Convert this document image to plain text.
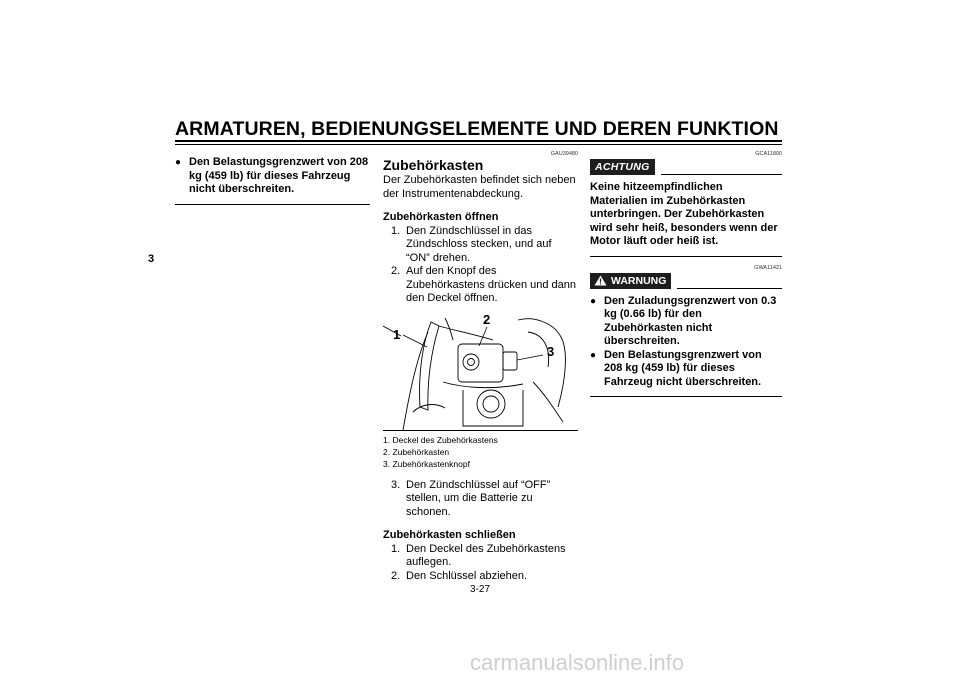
ARMATUREN, BEDIENUNGSELEMENTE UND DEREN FUNKTION
3
● Den Belastungsgrenzwert von 208 kg (459 lb) für dieses Fahrzeug nicht überschreiten.
GAU39480
Zubehörkasten
Der Zubehörkasten befindet sich neben der Instrumentenabdeckung.
Zubehörkasten öffnen
1. Den Zündschlüssel in das Zündschloss stecken, und auf “ON” drehen.
2. Auf den Knopf des Zubehörkastens drücken und dann den Deckel öffnen.
1
2
3
1. Deckel des Zubehörkastens
2. Zubehörkasten
3. Zubehörkastenknopf
3. Den Zündschlüssel auf “OFF” stellen, um die Batterie zu schonen.
Zubehörkasten schließen
1. Den Deckel des Zubehörkastens auflegen.
2. Den Schlüssel abziehen.
GCA11800
ACHTUNG
Keine hitzeempfindlichen Materialien im Zubehörkasten unterbringen. Der Zubehörkasten wird sehr heiß, besonders wenn der Motor läuft oder heiß ist.
GWA11421
WARNUNG
● Den Zuladungsgrenzwert von 0.3 kg (0.66 lb) für den Zubehörkasten nicht überschreiten.
● Den Belastungsgrenzwert von 208 kg (459 lb) für dieses Fahrzeug nicht überschreiten.
3-27
carmanualsonline.info
